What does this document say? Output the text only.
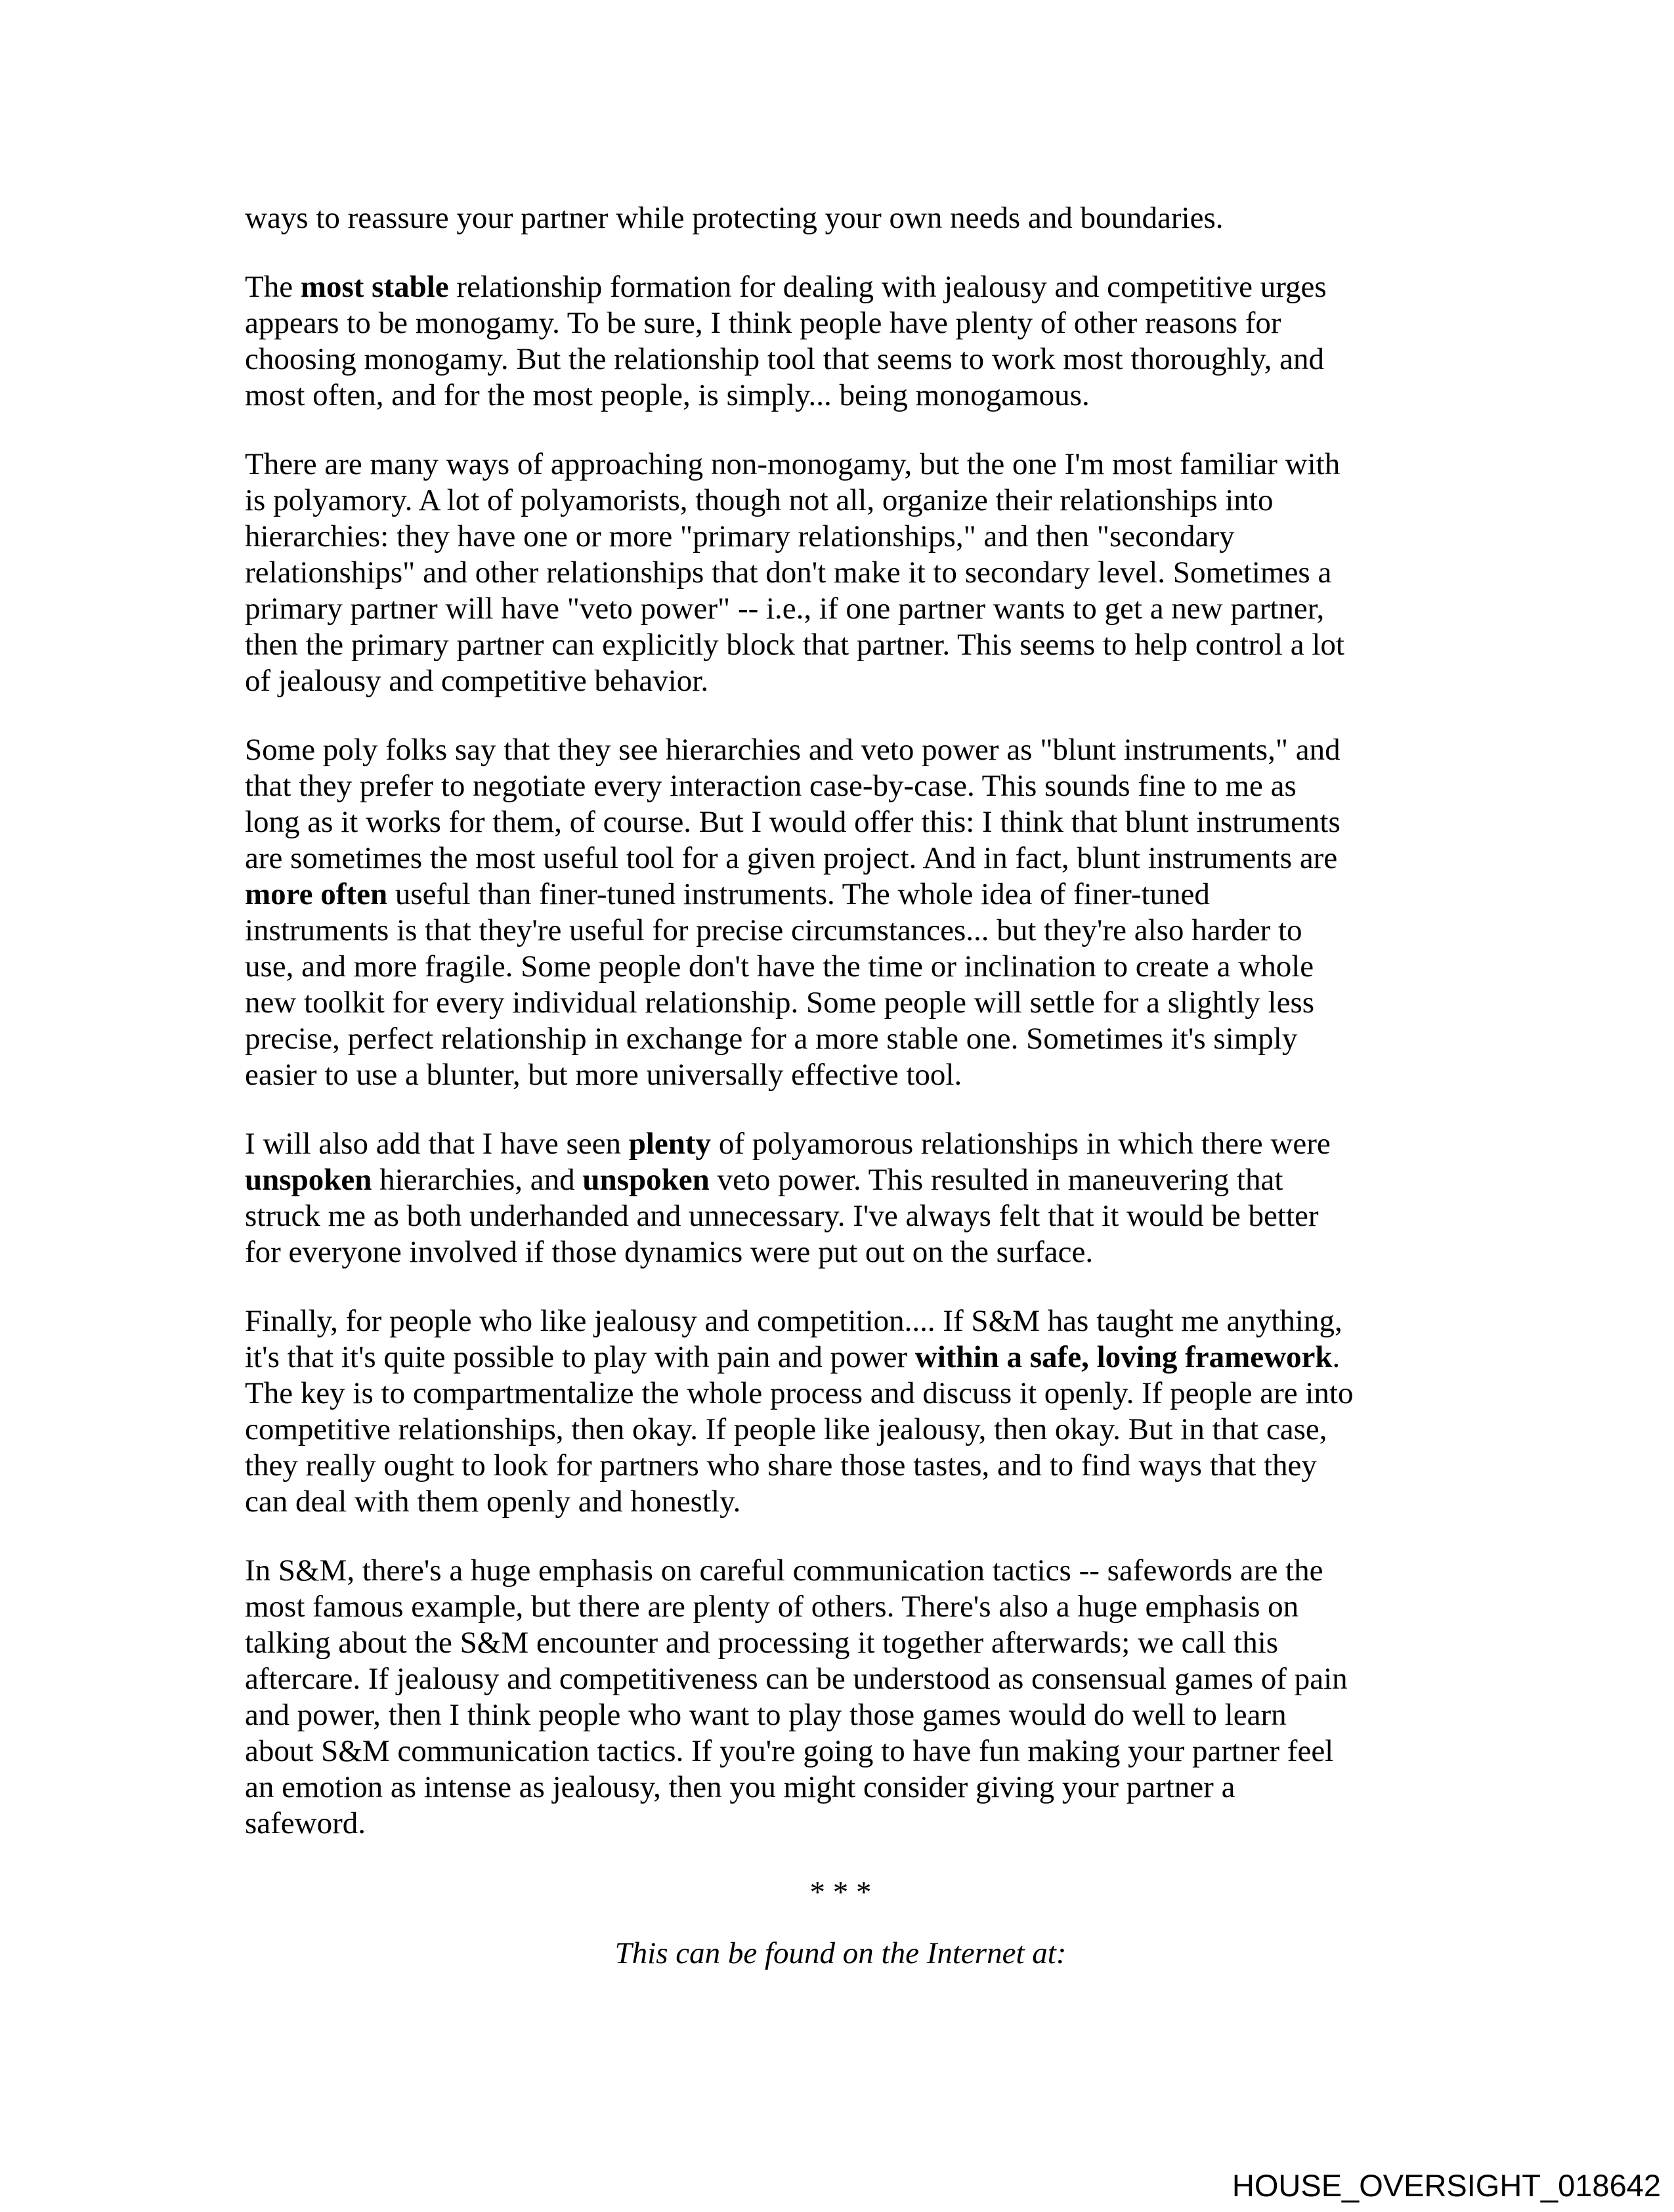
ways to reassure your partner while protecting your own needs and boundaries.

The most stable relationship formation for dealing with jealousy and competitive urges
appears to be monogamy. To be sure, I think people have plenty of other reasons for
choosing monogamy. But the relationship tool that seems to work most thoroughly, and
most often, and for the most people, is simply... being monogamous.

There are many ways of approaching non-monogamy, but the one I'm most familiar with
is polyamory. A lot of polyamorists, though not all, organize their relationships into
hierarchies: they have one or more "primary relationships," and then "secondary
relationships" and other relationships that don't make it to secondary level. Sometimes a
primary partner will have "veto power" -- i.e., if one partner wants to get a new partner,
then the primary partner can explicitly block that partner. This seems to help control a lot
of jealousy and competitive behavior.

Some poly folks say that they see hierarchies and veto power as "blunt instruments," and
that they prefer to negotiate every interaction case-by-case. This sounds fine to me as
long as it works for them, of course. But I would offer this: I think that blunt instruments
are sometimes the most useful tool for a given project. And in fact, blunt instruments are
more often useful than finer-tuned instruments. The whole idea of finer-tuned
instruments is that they're useful for precise circumstances... but they're also harder to
use, and more fragile. Some people don't have the time or inclination to create a whole
new toolkit for every individual relationship. Some people will settle for a slightly less
precise, perfect relationship in exchange for a more stable one. Sometimes it's simply
easier to use a blunter, but more universally effective tool.

I will also add that I have seen plenty of polyamorous relationships in which there were
unspoken hierarchies, and unspoken veto power. This resulted in maneuvering that
struck me as both underhanded and unnecessary. I've always felt that it would be better
for everyone involved if those dynamics were put out on the surface.

Finally, for people who like jealousy and competition.... If S&M has taught me anything,
it's that it's quite possible to play with pain and power within a safe, loving framework.
The key is to compartmentalize the whole process and discuss it openly. If people are into
competitive relationships, then okay. If people like jealousy, then okay. But in that case,
they really ought to look for partners who share those tastes, and to find ways that they
can deal with them openly and honestly.

In S&M, there's a huge emphasis on careful communication tactics -- safewords are the
most famous example, but there are plenty of others. There's also a huge emphasis on
talking about the S&M encounter and processing it together afterwards; we call this
aftercare. If jealousy and competitiveness can be understood as consensual games of pain
and power, then I think people who want to play those games would do well to learn
about S&M communication tactics. If you're going to have fun making your partner feel
an emotion as intense as jealousy, then you might consider giving your partner a
safeword.

* * *
This can be found on the Internet at:
HOUSE_OVERSIGHT_018642
